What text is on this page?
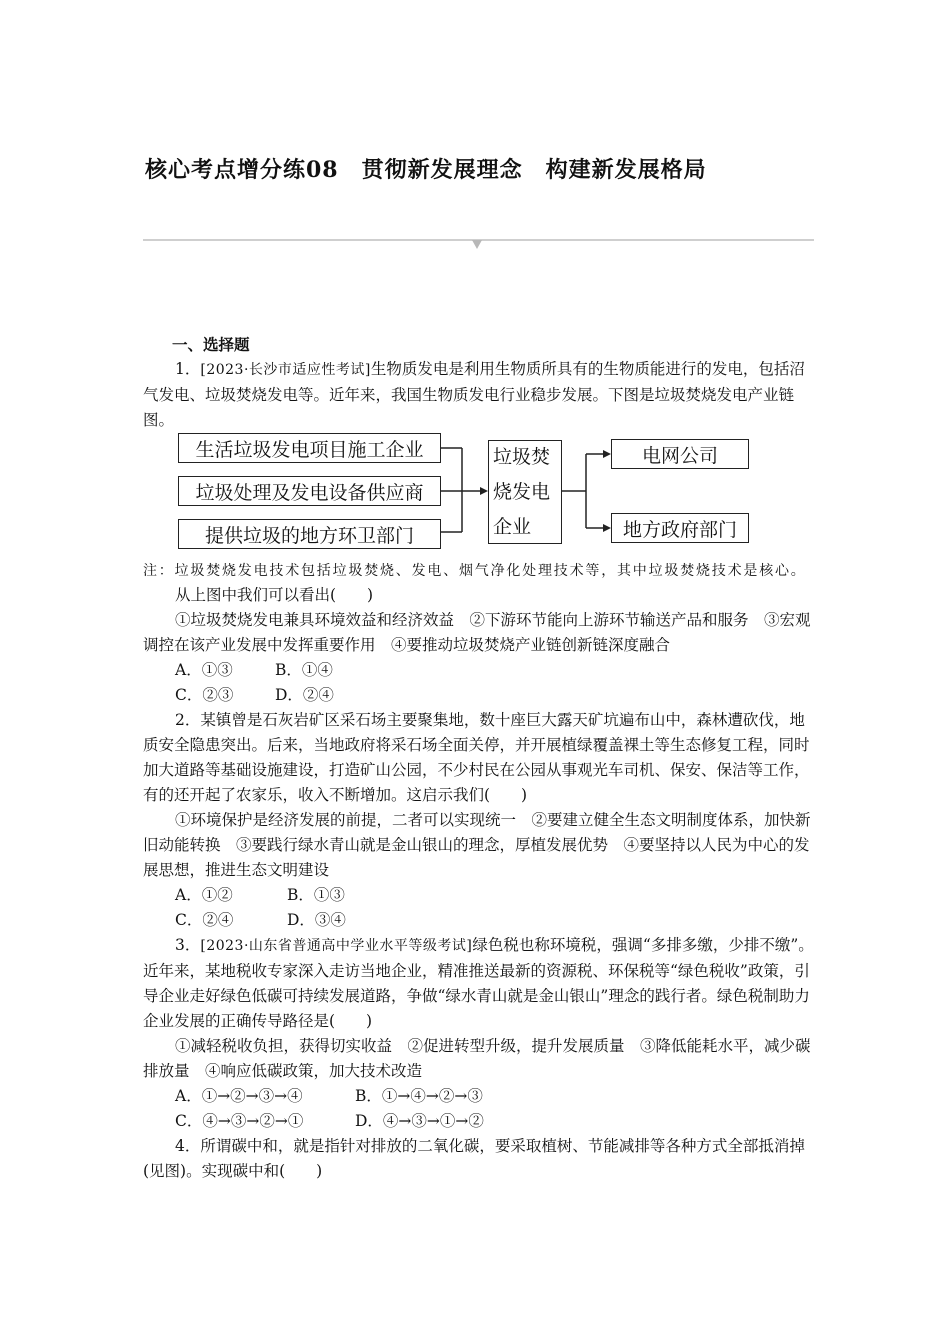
核心考点增分练08　贯彻新发展理念　构建新发展格局
生活垃圾发电项目施工企业
垃圾处理及发电设备供应商
提供垃圾的地方环卫部门
垃圾焚
烧发电
企业
电网公司
地方政府部门

一、选择题

1．[2023·长沙市适应性考试]生物质发电是利用生物质所具有的生物质能进行的发电，包括沼气发电、垃圾焚烧发电等。近年来，我国生物质发电行业稳步发展。下图是垃圾焚烧发电产业链图。

注：垃圾焚烧发电技术包括垃圾焚烧、发电、烟气净化处理技术等，其中垃圾焚烧技术是核心。

从上图中我们可以看出(　　)

①垃圾焚烧发电兼具环境效益和经济效益　②下游环节能向上游环节输送产品和服务　③宏观调控在该产业发展中发挥重要作用　④要推动垃圾焚烧产业链创新链深度融合

A．①③	B．①④

C．②③	D．②④

2．某镇曾是石灰岩矿区采石场主要聚集地，数十座巨大露天矿坑遍布山中，森林遭砍伐，地质安全隐患突出。后来，当地政府将采石场全面关停，并开展植绿覆盖裸土等生态修复工程，同时加大道路等基础设施建设，打造矿山公园，不少村民在公园从事观光车司机、保安、保洁等工作，有的还开起了农家乐，收入不断增加。这启示我们(　　)

①环境保护是经济发展的前提，二者可以实现统一　②要建立健全生态文明制度体系，加快新旧动能转换　③要践行绿水青山就是金山银山的理念，厚植发展优势　④要坚持以人民为中心的发展思想，推进生态文明建设

A．①②	B．①③

C．②④	D．③④

3．[2023·山东省普通高中学业水平等级考试]绿色税也称环境税，强调“多排多缴，少排不缴”。近年来，某地税收专家深入走访当地企业，精准推送最新的资源税、环保税等“绿色税收”政策，引导企业走好绿色低碳可持续发展道路，争做“绿水青山就是金山银山”理念的践行者。绿色税制助力企业发展的正确传导路径是(　　)

①减轻税收负担，获得切实收益　②促进转型升级，提升发展质量　③降低能耗水平，减少碳排放量　④响应低碳政策，加大技术改造

A．①→②→③→④	B．①→④→②→③

C．④→③→②→①	D．④→③→①→②

4．所谓碳中和，就是指针对排放的二氧化碳，要采取植树、节能减排等各种方式全部抵消掉(见图)。实现碳中和(　　)
